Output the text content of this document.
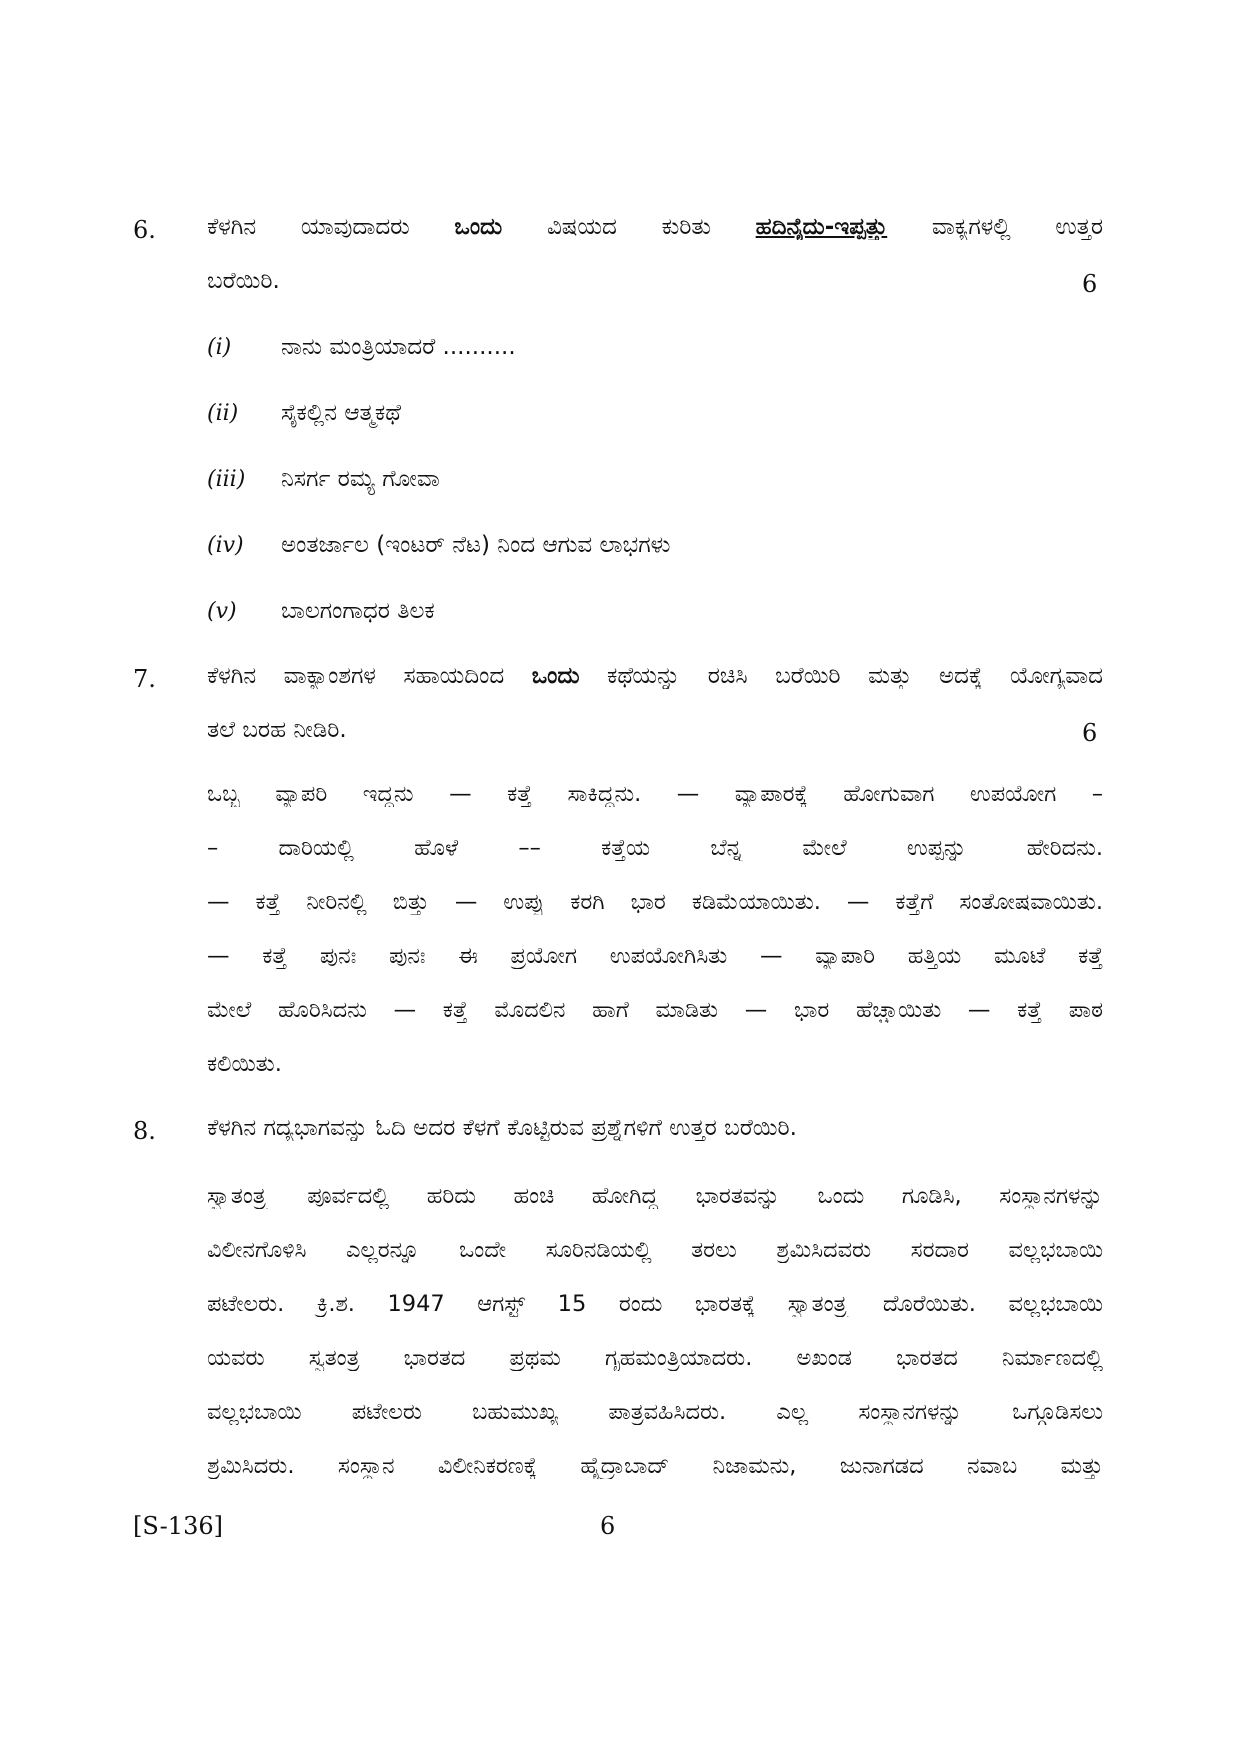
6. ಕೆಳಗಿನ ಯಾವುದಾದರು ಒಂದು ವಿಷಯದ ಕುರಿತು ಹದಿನೈದು-ಇಪ್ಪತ್ತು ವಾಕ್ಯಗಳಲ್ಲಿ ಉತ್ತರ
ಬರೆಯಿರಿ.	6
(i) ನಾನು ಮಂತ್ರಿಯಾದರೆ ..........
(ii) ಸೈಕಲ್ಲಿನ ಆತ್ಮಕಥೆ
(iii) ನಿಸರ್ಗ ರಮ್ಯ ಗೋವಾ
(iv) ಅಂತರ್ಜಾಲ (ಇಂಟರ್ ನೆಟ) ನಿಂದ ಆಗುವ ಲಾಭಗಳು
(v) ಬಾಲಗಂಗಾಧರ ತಿಲಕ
7. ಕೆಳಗಿನ ವಾಕ್ಯಾಂಶಗಳ ಸಹಾಯದಿಂದ ಒಂದು ಕಥೆಯನ್ನು ರಚಿಸಿ ಬರೆಯಿರಿ ಮತ್ತು ಅದಕ್ಕೆ ಯೋಗ್ಯವಾದ
ತಲೆ ಬರಹ ನೀಡಿರಿ.	6
ಒಬ್ಬ ವ್ಯಾಪರಿ ಇದ್ದನು — ಕತ್ತೆ ಸಾಕಿದ್ದನು. — ವ್ಯಾಪಾರಕ್ಕೆ ಹೋಗುವಾಗ ಉಪಯೋಗ –
– ದಾರಿಯಲ್ಲಿ ಹೊಳೆ –– ಕತ್ತೆಯ ಬೆನ್ನ ಮೇಲೆ ಉಪ್ಪನ್ನು ಹೇರಿದನು.
— ಕತ್ತೆ ನೀರಿನಲ್ಲಿ ಬಿತ್ತು — ಉಪ್ಪು ಕರಗಿ ಭಾರ ಕಡಿಮೆಯಾಯಿತು. — ಕತ್ತೆಗೆ ಸಂತೋಷವಾಯಿತು.
— ಕತ್ತೆ ಪುನಃ ಪುನಃ ಈ ಪ್ರಯೋಗ ಉಪಯೋಗಿಸಿತು — ವ್ಯಾಪಾರಿ ಹತ್ತಿಯ ಮೂಟೆ ಕತ್ತೆ
ಮೇಲೆ ಹೊರಿಸಿದನು — ಕತ್ತೆ ಮೊದಲಿನ ಹಾಗೆ ಮಾಡಿತು — ಭಾರ ಹೆಚ್ಚಾಯಿತು — ಕತ್ತೆ ಪಾಠ
ಕಲಿಯಿತು.
8. ಕೆಳಗಿನ ಗದ್ಯಭಾಗವನ್ನು ಓದಿ ಅದರ ಕೆಳಗೆ ಕೊಟ್ಟಿರುವ ಪ್ರಶ್ನೆಗಳಿಗೆ ಉತ್ತರ ಬರೆಯಿರಿ.
ಸ್ವಾತಂತ್ರ್ಯ ಪೂರ್ವದಲ್ಲಿ ಹರಿದು ಹಂಚಿ ಹೋಗಿದ್ದ ಭಾರತವನ್ನು ಒಂದು ಗೂಡಿಸಿ, ಸಂಸ್ಥಾನಗಳನ್ನು
ವಿಲೀನಗೊಳಿಸಿ ಎಲ್ಲರನ್ನೂ ಒಂದೇ ಸೂರಿನಡಿಯಲ್ಲಿ ತರಲು ಶ್ರಮಿಸಿದವರು ಸರದಾರ ವಲ್ಲಭಬಾಯಿ
ಪಟೇಲರು. ಕ್ರಿ.ಶ. 1947 ಆಗಸ್ಟ್ 15 ರಂದು ಭಾರತಕ್ಕೆ ಸ್ವಾತಂತ್ರ್ಯ ದೊರೆಯಿತು. ವಲ್ಲಭಬಾಯಿ
ಯವರು ಸ್ವತಂತ್ರ ಭಾರತದ ಪ್ರಥಮ ಗೃಹಮಂತ್ರಿಯಾದರು. ಅಖಂಡ ಭಾರತದ ನಿರ್ಮಾಣದಲ್ಲಿ
ವಲ್ಲಭಬಾಯಿ ಪಟೇಲರು ಬಹುಮುಖ್ಯ ಪಾತ್ರವಹಿಸಿದರು. ಎಲ್ಲ ಸಂಸ್ಥಾನಗಳನ್ನು ಒಗ್ಗೂಡಿಸಲು
ಶ್ರಮಿಸಿದರು. ಸಂಸ್ಥಾನ ವಿಲೀನಿಕರಣಕ್ಕೆ ಹೈದ್ರಾಬಾದ್ ನಿಜಾಮನು, ಜುನಾಗಡದ ನವಾಬ ಮತ್ತು
[S-136]	6
